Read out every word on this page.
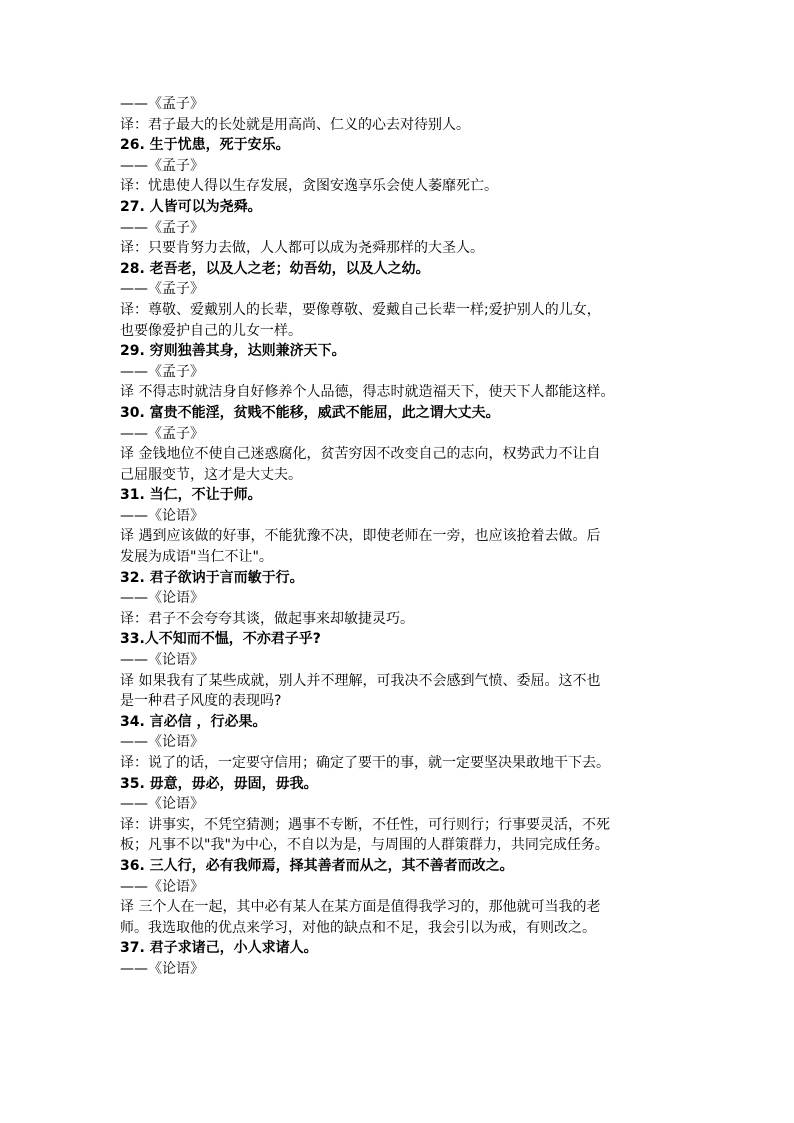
——《孟子》
译：君子最大的长处就是用高尚、仁义的心去对待别人。
26. 生于忧患，死于安乐。
——《孟子》
译：忧患使人得以生存发展，贪图安逸享乐会使人萎靡死亡。
27. 人皆可以为尧舜。
——《孟子》
译：只要肯努力去做，人人都可以成为尧舜那样的大圣人。
28. 老吾老，以及人之老；幼吾幼，以及人之幼。
——《孟子》
译：尊敬、爱戴别人的长辈，要像尊敬、爱戴自己长辈一样;爱护别人的儿女，
也要像爱护自己的儿女一样。
29. 穷则独善其身，达则兼济天下。
——《孟子》
译 不得志时就洁身自好修养个人品德，得志时就造福天下，使天下人都能这样。
30. 富贵不能淫，贫贱不能移，威武不能屈，此之谓大丈夫。
——《孟子》
译 金钱地位不使自己迷惑腐化，贫苦穷因不改变自己的志向，权势武力不让自
己屈服变节，这才是大丈夫。
31. 当仁，不让于师。
——《论语》
译 遇到应该做的好事，不能犹豫不决，即使老师在一旁，也应该抢着去做。后
发展为成语"当仁不让"。
32. 君子欲讷于言而敏于行。
——《论语》
译：君子不会夸夸其谈，做起事来却敏捷灵巧。
33.人不知而不愠，不亦君子乎?
——《论语》
译 如果我有了某些成就，别人并不理解，可我决不会感到气愤、委屈。这不也
是一种君子风度的表现吗?
34. 言必信 ，行必果。
——《论语》
译：说了的话，一定要守信用；确定了要干的事，就一定要坚决果敢地干下去。
35. 毋意，毋必，毋固，毋我。
——《论语》
译：讲事实，不凭空猜测；遇事不专断，不任性，可行则行；行事要灵活，不死
板；凡事不以"我"为中心，不自以为是，与周围的人群策群力，共同完成任务。
36. 三人行，必有我师焉，择其善者而从之，其不善者而改之。
——《论语》
译 三个人在一起，其中必有某人在某方面是值得我学习的，那他就可当我的老
师。我选取他的优点来学习，对他的缺点和不足，我会引以为戒，有则改之。
37. 君子求诸己，小人求诸人。
——《论语》
